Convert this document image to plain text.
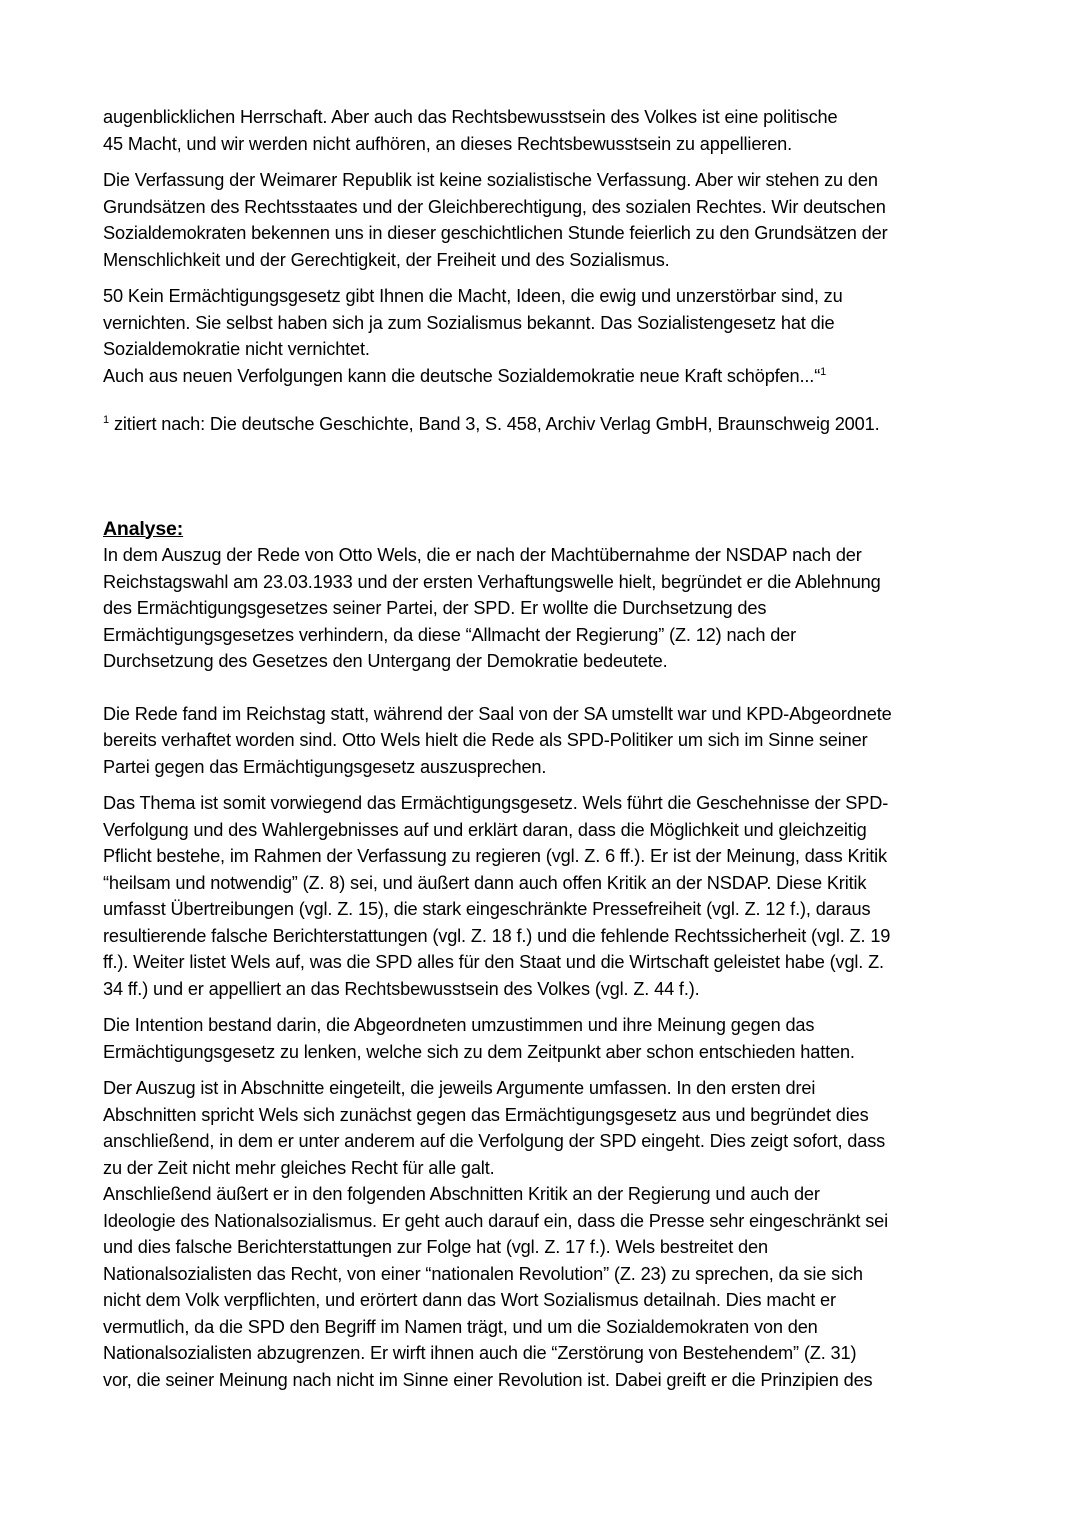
augenblicklichen Herrschaft. Aber auch das Rechtsbewusstsein des Volkes ist eine politische
45 Macht, und wir werden nicht aufhören, an dieses Rechtsbewusstsein zu appellieren.
Die Verfassung der Weimarer Republik ist keine sozialistische Verfassung. Aber wir stehen zu den
Grundsätzen des Rechtsstaates und der Gleichberechtigung, des sozialen Rechtes. Wir deutschen
Sozialdemokraten bekennen uns in dieser geschichtlichen Stunde feierlich zu den Grundsätzen der
Menschlichkeit und der Gerechtigkeit, der Freiheit und des Sozialismus.
50 Kein Ermächtigungsgesetz gibt Ihnen die Macht, Ideen, die ewig und unzerstörbar sind, zu
vernichten. Sie selbst haben sich ja zum Sozialismus bekannt. Das Sozialistengesetz hat die
Sozialdemokratie nicht vernichtet.
Auch aus neuen Verfolgungen kann die deutsche Sozialdemokratie neue Kraft schöpfen...“$^1$
$^1$ zitiert nach: Die deutsche Geschichte, Band 3, S. 458, Archiv Verlag GmbH, Braunschweig 2001.
Analyse:
In dem Auszug der Rede von Otto Wels, die er nach der Machtübernahme der NSDAP nach der
Reichstagswahl am 23.03.1933 und der ersten Verhaftungswelle hielt, begründet er die Ablehnung
des Ermächtigungsgesetzes seiner Partei, der SPD. Er wollte die Durchsetzung des
Ermächtigungsgesetzes verhindern, da diese “Allmacht der Regierung” (Z. 12) nach der
Durchsetzung des Gesetzes den Untergang der Demokratie bedeutete.
Die Rede fand im Reichstag statt, während der Saal von der SA umstellt war und KPD-Abgeordnete
bereits verhaftet worden sind. Otto Wels hielt die Rede als SPD-Politiker um sich im Sinne seiner
Partei gegen das Ermächtigungsgesetz auszusprechen.
Das Thema ist somit vorwiegend das Ermächtigungsgesetz. Wels führt die Geschehnisse der SPD-
Verfolgung und des Wahlergebnisses auf und erklärt daran, dass die Möglichkeit und gleichzeitig
Pflicht bestehe, im Rahmen der Verfassung zu regieren (vgl. Z. 6 ff.). Er ist der Meinung, dass Kritik
“heilsam und notwendig” (Z. 8) sei, und äußert dann auch offen Kritik an der NSDAP. Diese Kritik
umfasst Übertreibungen (vgl. Z. 15), die stark eingeschränkte Pressefreiheit (vgl. Z. 12 f.), daraus
resultierende falsche Berichterstattungen (vgl. Z. 18 f.) und die fehlende Rechtssicherheit (vgl. Z. 19
ff.). Weiter listet Wels auf, was die SPD alles für den Staat und die Wirtschaft geleistet habe (vgl. Z.
34 ff.) und er appelliert an das Rechtsbewusstsein des Volkes (vgl. Z. 44 f.).
Die Intention bestand darin, die Abgeordneten umzustimmen und ihre Meinung gegen das
Ermächtigungsgesetz zu lenken, welche sich zu dem Zeitpunkt aber schon entschieden hatten.
Der Auszug ist in Abschnitte eingeteilt, die jeweils Argumente umfassen. In den ersten drei
Abschnitten spricht Wels sich zunächst gegen das Ermächtigungsgesetz aus und begründet dies
anschließend, in dem er unter anderem auf die Verfolgung der SPD eingeht. Dies zeigt sofort, dass
zu der Zeit nicht mehr gleiches Recht für alle galt.
Anschließend äußert er in den folgenden Abschnitten Kritik an der Regierung und auch der
Ideologie des Nationalsozialismus. Er geht auch darauf ein, dass die Presse sehr eingeschränkt sei
und dies falsche Berichterstattungen zur Folge hat (vgl. Z. 17 f.). Wels bestreitet den
Nationalsozialisten das Recht, von einer “nationalen Revolution” (Z. 23) zu sprechen, da sie sich
nicht dem Volk verpflichten, und erörtert dann das Wort Sozialismus detailnah. Dies macht er
vermutlich, da die SPD den Begriff im Namen trägt, und um die Sozialdemokraten von den
Nationalsozialisten abzugrenzen. Er wirft ihnen auch die “Zerstörung von Bestehendem” (Z. 31)
vor, die seiner Meinung nach nicht im Sinne einer Revolution ist. Dabei greift er die Prinzipien des
